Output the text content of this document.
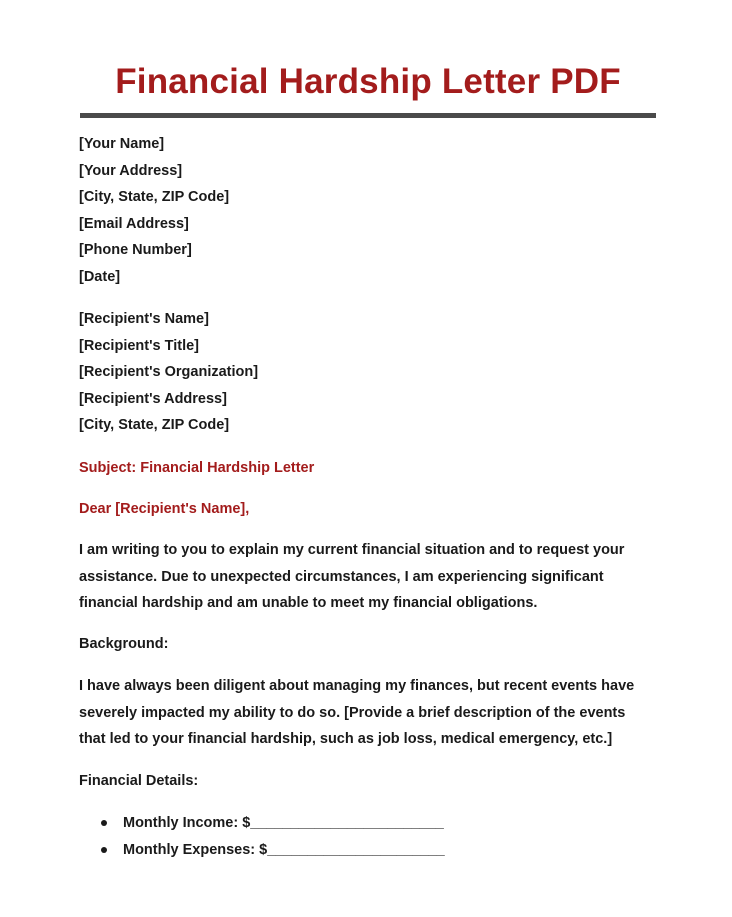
Financial Hardship Letter PDF
[Your Name]
[Your Address]
[City, State, ZIP Code]
[Email Address]
[Phone Number]
[Date]
[Recipient's Name]
[Recipient's Title]
[Recipient's Organization]
[Recipient's Address]
[City, State, ZIP Code]
Subject: Financial Hardship Letter
Dear [Recipient's Name],
I am writing to you to explain my current financial situation and to request your
assistance. Due to unexpected circumstances, I am experiencing significant
financial hardship and am unable to meet my financial obligations.
Background:
I have always been diligent about managing my finances, but recent events have
severely impacted my ability to do so. [Provide a brief description of the events
that led to your financial hardship, such as job loss, medical emergency, etc.]
Financial Details:
Monthly Income: $________________________
Monthly Expenses: $______________________
